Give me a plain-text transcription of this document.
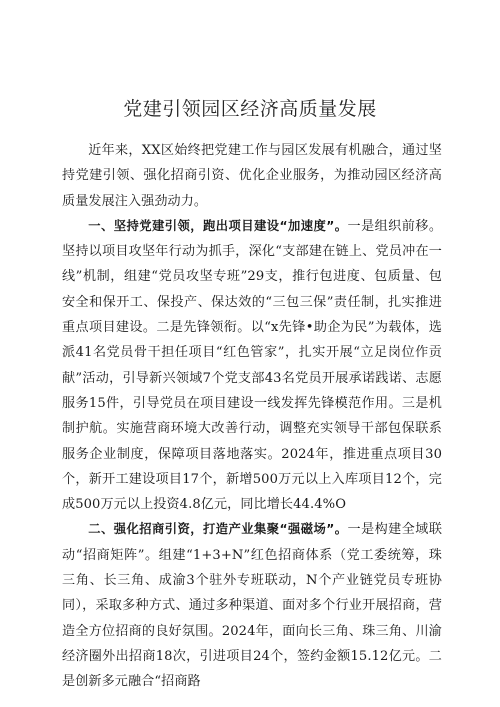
党建引领园区经济高质量发展

近年来，XX区始终把党建工作与园区发展有机融合，通过坚持党建引领、强化招商引资、优化企业服务，为推动园区经济高质量发展注入强劲动力。

一、坚持党建引领，跑出项目建设“加速度”。一是组织前移。坚持以项目攻坚年行动为抓手，深化“支部建在链上、党员冲在一线”机制，组建“党员攻坚专班”29支，推行包进度、包质量、包安全和保开工、保投产、保达效的“三包三保”责任制，扎实推进重点项目建设。二是先锋领衔。以“x先锋•助企为民”为载体，选派41名党员骨干担任项目“红色管家”，扎实开展“立足岗位作贡献”活动，引导新兴领域7个党支部43名党员开展承诺践诺、志愿服务15件，引导党员在项目建设一线发挥先锋模范作用。三是机制护航。实施营商环境大改善行动，调整充实领导干部包保联系服务企业制度，保障项目落地落实。2024年，推进重点项目30个，新开工建设项目17个，新增500万元以上入库项目12个，完成500万元以上投资4.8亿元，同比增长44.4%O

二、强化招商引资，打造产业集聚“强磁场”。一是构建全域联动“招商矩阵”。组建“1+3+N”红色招商体系（党工委统筹，珠三角、长三角、成渝3个驻外专班联动，N个产业链党员专班协同），采取多种方式、通过多种渠道、面对多个行业开展招商，营造全方位招商的良好氛围。2024年，面向长三角、珠三角、川渝经济圈外出招商18次，引进项目24个，签约金额15.12亿元。二是创新多元融合“招商路
